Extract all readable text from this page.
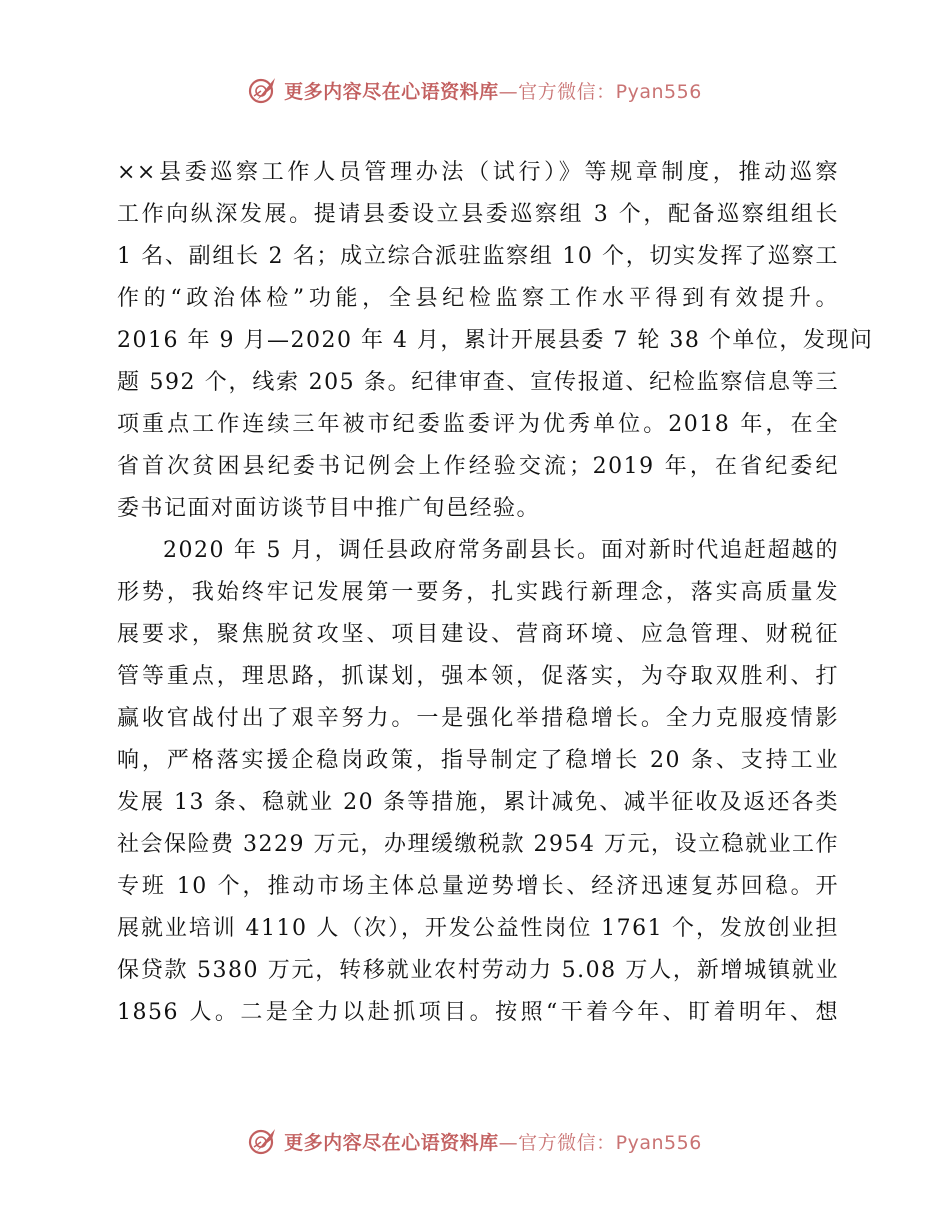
更多内容尽在心语资料库—官方微信：Pyan556
××县委巡察工作人员管理办法（试行）》等规章制度，推动巡察
工作向纵深发展。提请县委设立县委巡察组 3 个，配备巡察组组长
1 名、副组长 2 名；成立综合派驻监察组 10 个，切实发挥了巡察工
作的“政治体检”功能，全县纪检监察工作水平得到有效提升。
2016 年 9 月—2020 年 4 月，累计开展县委 7 轮 38 个单位，发现问
题 592 个，线索 205 条。纪律审查、宣传报道、纪检监察信息等三
项重点工作连续三年被市纪委监委评为优秀单位。2018 年，在全
省首次贫困县纪委书记例会上作经验交流；2019 年，在省纪委纪
委书记面对面访谈节目中推广旬邑经验。
2020 年 5 月，调任县政府常务副县长。面对新时代追赶超越的
形势，我始终牢记发展第一要务，扎实践行新理念，落实高质量发
展要求，聚焦脱贫攻坚、项目建设、营商环境、应急管理、财税征
管等重点，理思路，抓谋划，强本领，促落实，为夺取双胜利、打
赢收官战付出了艰辛努力。一是强化举措稳增长。全力克服疫情影
响，严格落实援企稳岗政策，指导制定了稳增长 20 条、支持工业
发展 13 条、稳就业 20 条等措施，累计减免、减半征收及返还各类
社会保险费 3229 万元，办理缓缴税款 2954 万元，设立稳就业工作
专班 10 个，推动市场主体总量逆势增长、经济迅速复苏回稳。开
展就业培训 4110 人（次），开发公益性岗位 1761 个，发放创业担
保贷款 5380 万元，转移就业农村劳动力 5.08 万人，新增城镇就业
1856 人。二是全力以赴抓项目。按照“干着今年、盯着明年、想
更多内容尽在心语资料库—官方微信：Pyan556
